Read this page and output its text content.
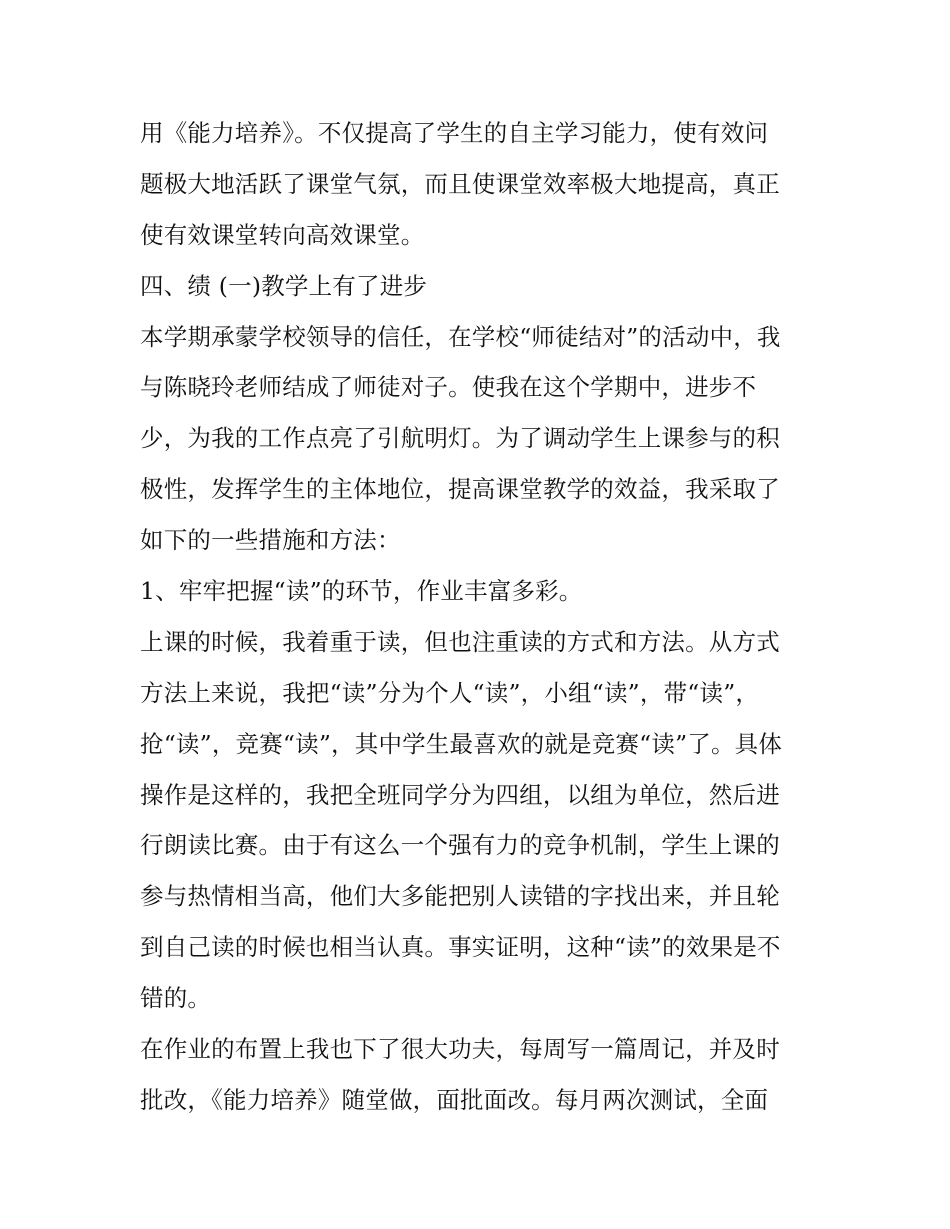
用《能力培养》。不仅提高了学生的自主学习能力，使有效问
题极大地活跃了课堂气氛，而且使课堂效率极大地提高，真正
使有效课堂转向高效课堂。
四、绩 (一)教学上有了进步
本学期承蒙学校领导的信任，在学校“师徒结对”的活动中，我
与陈晓玲老师结成了师徒对子。使我在这个学期中，进步不
少，为我的工作点亮了引航明灯。为了调动学生上课参与的积
极性，发挥学生的主体地位，提高课堂教学的效益，我采取了
如下的一些措施和方法：
1、牢牢把握“读”的环节，作业丰富多彩。
上课的时候，我着重于读，但也注重读的方式和方法。从方式
方法上来说，我把“读”分为个人“读”，小组“读”，带“读”，
抢“读”，竞赛“读”，其中学生最喜欢的就是竞赛“读”了。具体
操作是这样的，我把全班同学分为四组，以组为单位，然后进
行朗读比赛。由于有这么一个强有力的竞争机制，学生上课的
参与热情相当高，他们大多能把别人读错的字找出来，并且轮
到自己读的时候也相当认真。事实证明，这种“读”的效果是不
错的。
在作业的布置上我也下了很大功夫，每周写一篇周记，并及时
批改，《能力培养》随堂做，面批面改。每月两次测试，全面
